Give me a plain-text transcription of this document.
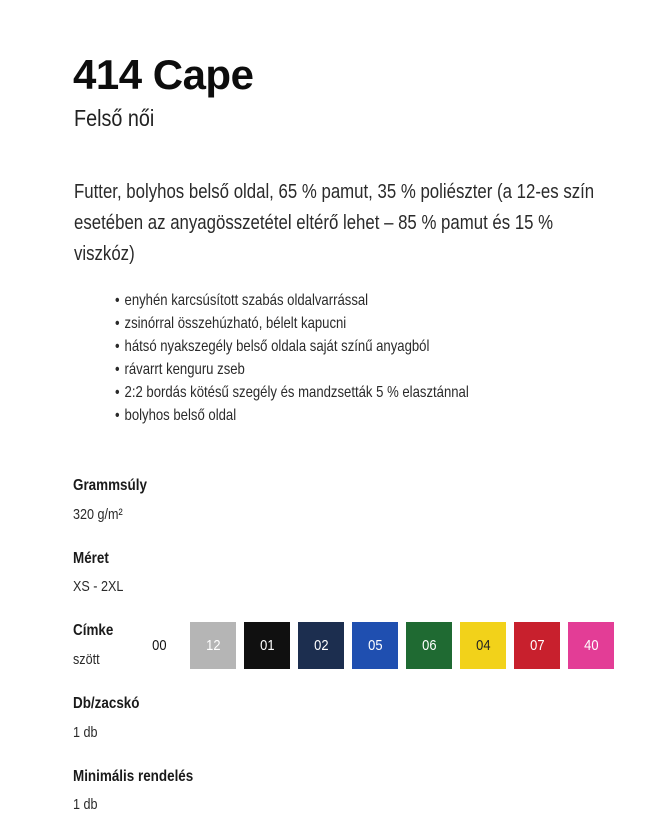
414 Cape
Felső női
Futter, bolyhos belső oldal, 65 % pamut, 35 % poliészter (a 12-es szín esetében az anyagösszetétel eltérő lehet – 85 % pamut és 15 % viszkóz)
• enyhén karcsúsított szabás oldalvarrással
• zsinórral összehúzható, bélelt kapucni
• hátsó nyakszegély belső oldala saját színű anyagból
• rávarrt kenguru zseb
• 2:2 bordás kötésű szegély és mandzsetták 5 % elasztánnal
• bolyhos belső oldal
Grammsúly
320 g/m²
Méret
XS - 2XL
Címke
szött
00	12	01	02	05	06	04	07	40
Db/zacskó
1 db
Minimális rendelés
1 db
